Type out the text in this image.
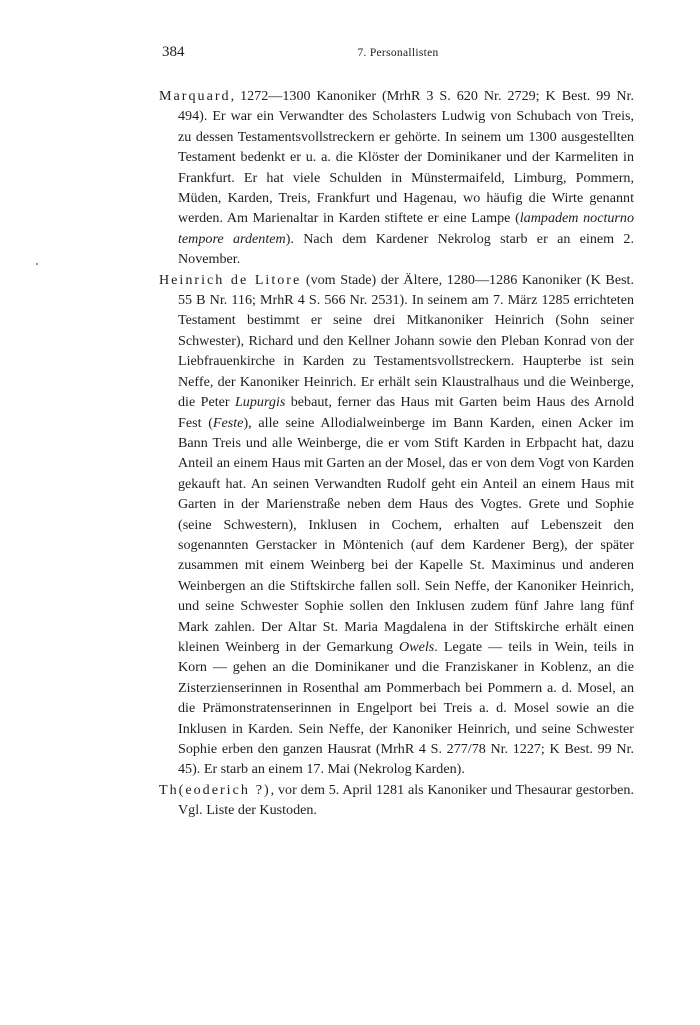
384	7. Personallisten

Marquard, 1272—1300 Kanoniker (MrhR 3 S. 620 Nr. 2729; K Best. 99 Nr. 494). Er war ein Verwandter des Scholasters Ludwig von Schubach von Treis, zu dessen Testamentsvollstreckern er gehörte. In seinem um 1300 ausgestellten Testament bedenkt er u. a. die Klöster der Dominikaner und der Karmeliten in Frankfurt. Er hat viele Schulden in Münstermaifeld, Limburg, Pommern, Müden, Karden, Treis, Frankfurt und Hagenau, wo häufig die Wirte genannt werden. Am Marienaltar in Karden stiftete er eine Lampe (lampadem nocturno tempore ardentem). Nach dem Kardener Nekrolog starb er an einem 2. November.

Heinrich de Litore (vom Stade) der Ältere, 1280—1286 Kanoniker (K Best. 55 B Nr. 116; MrhR 4 S. 566 Nr. 2531). In seinem am 7. März 1285 errichteten Testament bestimmt er seine drei Mitkanoniker Heinrich (Sohn seiner Schwester), Richard und den Kellner Johann sowie den Pleban Konrad von der Liebfrauenkirche in Karden zu Testamentsvollstreckern. Haupterbe ist sein Neffe, der Kanoniker Heinrich. Er erhält sein Klaustralhaus und die Weinberge, die Peter Lupurgis bebaut, ferner das Haus mit Garten beim Haus des Arnold Fest (Feste), alle seine Allodialweinberge im Bann Karden, einen Acker im Bann Treis und alle Weinberge, die er vom Stift Karden in Erbpacht hat, dazu Anteil an einem Haus mit Garten an der Mosel, das er von dem Vogt von Karden gekauft hat. An seinen Verwandten Rudolf geht ein Anteil an einem Haus mit Garten in der Marienstraße neben dem Haus des Vogtes. Grete und Sophie (seine Schwestern), Inklusen in Cochem, erhalten auf Lebenszeit den sogenannten Gerstacker in Möntenich (auf dem Kardener Berg), der später zusammen mit einem Weinberg bei der Kapelle St. Maximinus und anderen Weinbergen an die Stiftskirche fallen soll. Sein Neffe, der Kanoniker Heinrich, und seine Schwester Sophie sollen den Inklusen zudem fünf Jahre lang fünf Mark zahlen. Der Altar St. Maria Magdalena in der Stiftskirche erhält einen kleinen Weinberg in der Gemarkung Owels. Legate — teils in Wein, teils in Korn — gehen an die Dominikaner und die Franziskaner in Koblenz, an die Zisterzienserinnen in Rosenthal am Pommerbach bei Pommern a. d. Mosel, an die Prämonstratenserinnen in Engelport bei Treis a. d. Mosel sowie an die Inklusen in Karden. Sein Neffe, der Kanoniker Heinrich, und seine Schwester Sophie erben den ganzen Hausrat (MrhR 4 S. 277/78 Nr. 1227; K Best. 99 Nr. 45). Er starb an einem 17. Mai (Nekrolog Karden).

Th(eoderich ?), vor dem 5. April 1281 als Kanoniker und Thesaurar gestorben. Vgl. Liste der Kustoden.
